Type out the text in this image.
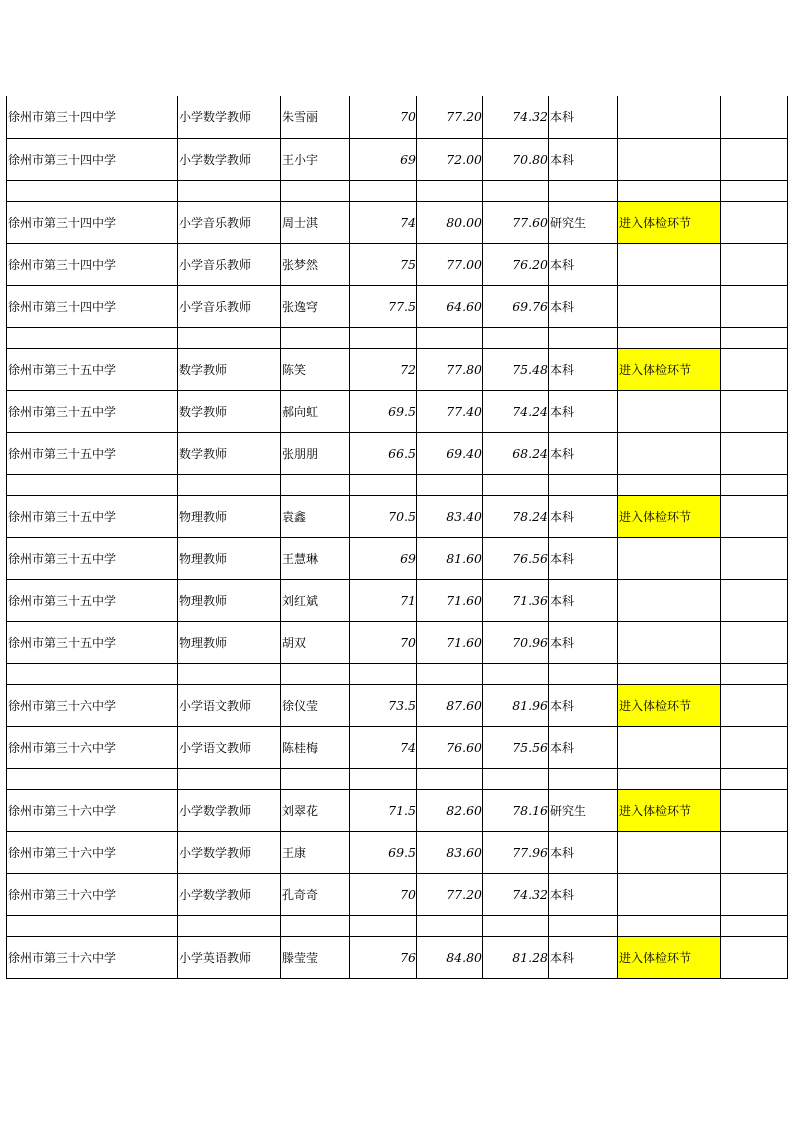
徐州市第三十四中学	小学数学教师	朱雪丽	70	77.20	74.32	本科		
徐州市第三十四中学	小学数学教师	王小宇	69	72.00	70.80	本科		

徐州市第三十四中学	小学音乐教师	周士淇	74	80.00	77.60	研究生	进入体检环节	
徐州市第三十四中学	小学音乐教师	张梦然	75	77.00	76.20	本科		
徐州市第三十四中学	小学音乐教师	张逸穹	77.5	64.60	69.76	本科		

徐州市第三十五中学	数学教师	陈笑	72	77.80	75.48	本科	进入体检环节	
徐州市第三十五中学	数学教师	郝向虹	69.5	77.40	74.24	本科		
徐州市第三十五中学	数学教师	张朋朋	66.5	69.40	68.24	本科		

徐州市第三十五中学	物理教师	袁鑫	70.5	83.40	78.24	本科	进入体检环节	
徐州市第三十五中学	物理教师	王慧琳	69	81.60	76.56	本科		
徐州市第三十五中学	物理教师	刘红斌	71	71.60	71.36	本科		
徐州市第三十五中学	物理教师	胡双	70	71.60	70.96	本科		

徐州市第三十六中学	小学语文教师	徐仪莹	73.5	87.60	81.96	本科	进入体检环节	
徐州市第三十六中学	小学语文教师	陈桂梅	74	76.60	75.56	本科		

徐州市第三十六中学	小学数学教师	刘翠花	71.5	82.60	78.16	研究生	进入体检环节	
徐州市第三十六中学	小学数学教师	王康	69.5	83.60	77.96	本科		
徐州市第三十六中学	小学数学教师	孔奇奇	70	77.20	74.32	本科		

徐州市第三十六中学	小学英语教师	滕莹莹	76	84.80	81.28	本科	进入体检环节	
